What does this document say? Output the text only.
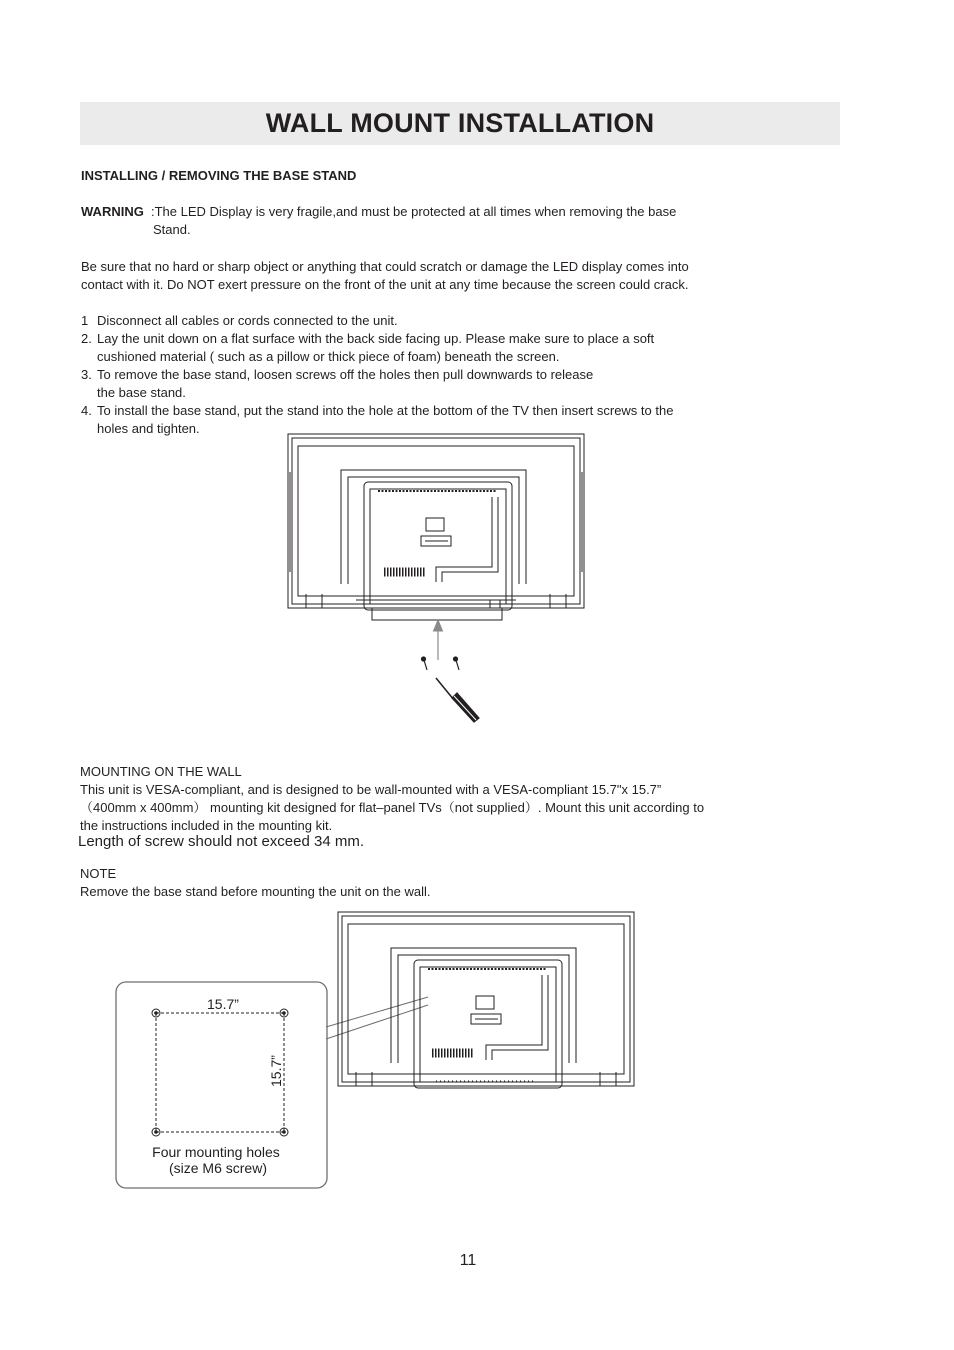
WALL MOUNT INSTALLATION
INSTALLING / REMOVING THE BASE STAND
WARNING :The LED Display is very fragile,and must be protected at all times when removing the base
Stand.
Be sure that no hard or sharp object or anything that could scratch or damage the LED display comes into
contact with it. Do NOT exert pressure on the front of the unit at any time because the screen could crack.
1 Disconnect all cables or cords connected to the unit.
2. Lay the unit down on a flat surface with the back side facing up. Please make sure to place a soft
cushioned material ( such as a pillow or thick piece of foam) beneath the screen.
3. To remove the base stand, loosen screws off the holes then pull downwards to release
the base stand.
4. To install the base stand, put the stand into the hole at the bottom of the TV then insert screws to the
holes and tighten.
MOUNTING ON THE WALL
This unit is VESA-compliant, and is designed to be wall-mounted with a VESA-compliant 15.7"x 15.7”
（400mm x 400mm） mounting kit designed for flat–panel TVs（not supplied）. Mount this unit according to
the instructions included in the mounting kit.
Length of screw should not exceed 34 mm.
NOTE
Remove the base stand before mounting the unit on the wall.
15.7”
15.7”
Four mounting holes
(size M6 screw)
11
